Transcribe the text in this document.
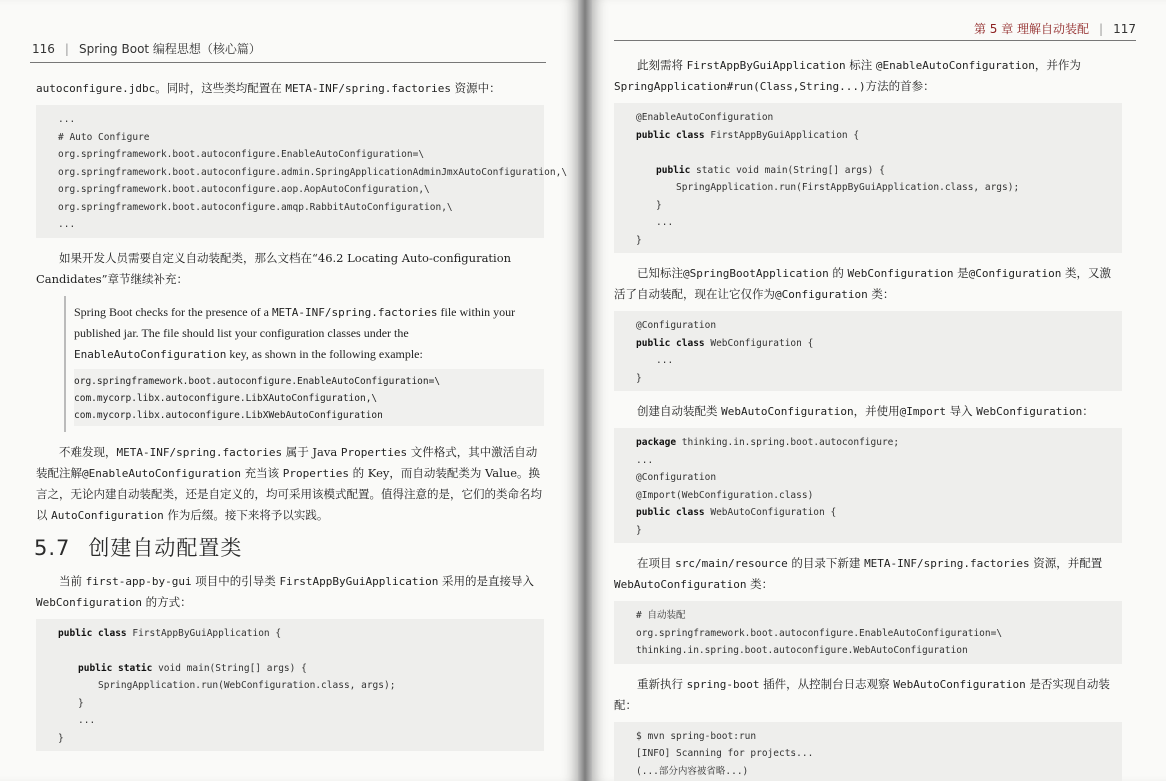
116 | Spring Boot 编程思想（核心篇）

autoconfigure.jdbc。同时，这些类均配置在 META-INF/spring.factories 资源中：

...
# Auto Configure
org.springframework.boot.autoconfigure.EnableAutoConfiguration=\
org.springframework.boot.autoconfigure.admin.SpringApplicationAdminJmxAutoConfiguration,\
org.springframework.boot.autoconfigure.aop.AopAutoConfiguration,\
org.springframework.boot.autoconfigure.amqp.RabbitAutoConfiguration,\
...

如果开发人员需要自定义自动装配类，那么文档在“46.2 Locating Auto-configuration Candidates”章节继续补充：

Spring Boot checks for the presence of a META-INF/spring.factories file within your published jar. The file should list your configuration classes under the EnableAutoConfiguration key, as shown in the following example:
org.springframework.boot.autoconfigure.EnableAutoConfiguration=\
com.mycorp.libx.autoconfigure.LibXAutoConfiguration,\
com.mycorp.libx.autoconfigure.LibXWebAutoConfiguration

不难发现，META-INF/spring.factories 属于 Java Properties 文件格式，其中激活自动装配注解@EnableAutoConfiguration 充当该 Properties 的 Key，而自动装配类为 Value。换言之，无论内建自动装配类，还是自定义的，均可采用该模式配置。值得注意的是，它们的类命名均以 AutoConfiguration 作为后缀。接下来将予以实践。

5.7 创建自动配置类

当前 first-app-by-gui 项目中的引导类 FirstAppByGuiApplication 采用的是直接导入 WebConfiguration 的方式：

public class FirstAppByGuiApplication {

public static void main(String[] args) {
SpringApplication.run(WebConfiguration.class, args);
}
...
}
第 5 章 理解自动装配 | 117

此刻需将 FirstAppByGuiApplication 标注 @EnableAutoConfiguration，并作为 SpringApplication#run(Class,String...)方法的首参：

@EnableAutoConfiguration
public class FirstAppByGuiApplication {

public static void main(String[] args) {
SpringApplication.run(FirstAppByGuiApplication.class, args);
}
...
}

已知标注@SpringBootApplication 的 WebConfiguration 是@Configuration 类，又激活了自动装配，现在让它仅作为@Configuration 类：

@Configuration
public class WebConfiguration {
...
}

创建自动装配类 WebAutoConfiguration，并使用@Import 导入 WebConfiguration：

package thinking.in.spring.boot.autoconfigure;
...
@Configuration
@Import(WebConfiguration.class)
public class WebAutoConfiguration {
}

在项目 src/main/resource 的目录下新建 META-INF/spring.factories 资源，并配置 WebAutoConfiguration 类：

# 自动装配
org.springframework.boot.autoconfigure.EnableAutoConfiguration=\
thinking.in.spring.boot.autoconfigure.WebAutoConfiguration

重新执行 spring-boot 插件，从控制台日志观察 WebAutoConfiguration 是否实现自动装配：

$ mvn spring-boot:run
[INFO] Scanning for projects...
(...部分内容被省略...)
